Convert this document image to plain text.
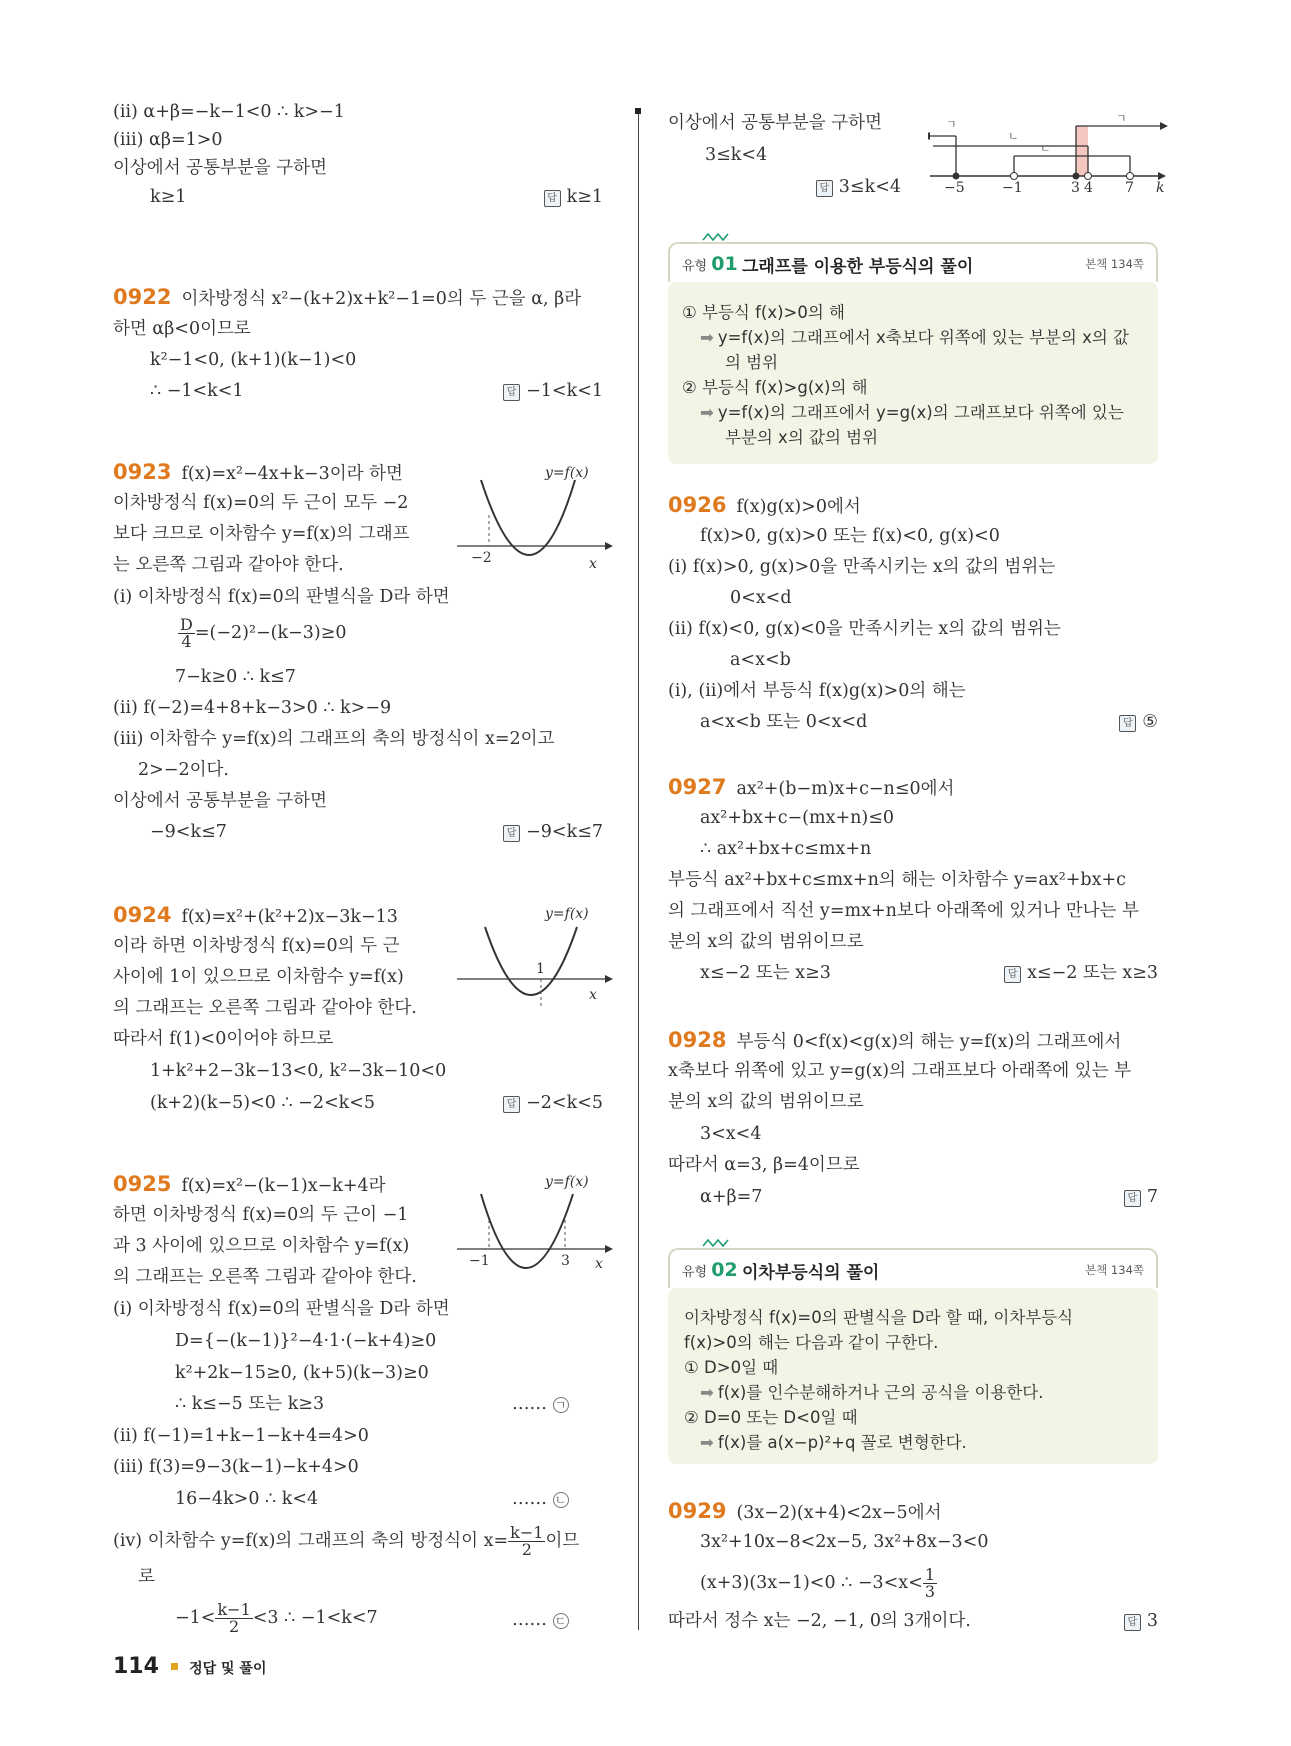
(ⅱ) α+β=−k−1<0 ∴ k>−1
(ⅲ) αβ=1>0
이상에서 공통부분을 구하면
k≥1	답 k≥1
0922 이차방정식 x²−(k+2)x+k²−1=0의 두 근을 α, β라
하면 αβ<0이므로
k²−1<0, (k+1)(k−1)<0
∴ −1<k<1	답 −1<k<1
0923 f(x)=x²−4x+k−3이라 하면
이차방정식 f(x)=0의 두 근이 모두 −2
보다 크므로 이차함수 y=f(x)의 그래프
는 오른쪽 그림과 같아야 한다.
y=f(x)
x
−2
(ⅰ) 이차방정식 f(x)=0의 판별식을 D라 하면
$\frac{D}{4} =(-2)^2-(k-3)\ge 0$
7−k≥0 ∴ k≤7
(ⅱ) f(−2)=4+8+k−3>0 ∴ k>−9
(ⅲ) 이차함수 y=f(x)의 그래프의 축의 방정식이 x=2이고
2>−2이다.
이상에서 공통부분을 구하면
−9<k≤7	답 −9<k≤7
0924 f(x)=x²+(k²+2)x−3k−13
이라 하면 이차방정식 f(x)=0의 두 근
사이에 1이 있으므로 이차함수 y=f(x)
의 그래프는 오른쪽 그림과 같아야 한다.
y=f(x)
x
1
따라서 f(1)<0이어야 하므로
1+k²+2−3k−13<0, k²−3k−10<0
(k+2)(k−5)<0 ∴ −2<k<5	답 −2<k<5
0925 f(x)=x²−(k−1)x−k+4라
하면 이차방정식 f(x)=0의 두 근이 −1
과 3 사이에 있으므로 이차함수 y=f(x)
의 그래프는 오른쪽 그림과 같아야 한다.
y=f(x)
x
−1	3
(ⅰ) 이차방정식 f(x)=0의 판별식을 D라 하면
D={−(k−1)}²−4·1·(−k+4)≥0
k²+2k−15≥0, (k+5)(k−3)≥0
∴ k≤−5 또는 k≥3	…… ㄱ
(ⅱ) f(−1)=1+k−1−k+4=4>0
(ⅲ) f(3)=9−3(k−1)−k+4>0
16−4k>0 ∴ k<4	…… ㄴ
(ⅳ) 이차함수 y=f(x)의 그래프의 축의 방정식이 $x= \frac{k-1}{2}$ 이므
로
$-1< \frac{k-1}{2} <3$ ∴ −1<k<7	…… ㄷ
이상에서 공통부분을 구하면
3≤k<4
답 3≤k<4
ㄱ
ㄴ
ㄷ
ㄱ
−5	−1	3 4 7 k
유형 01 그래프를 이용한 부등식의 풀이	본책 134쪽
① 부등식 f(x)>0의 해
➡ y=f(x)의 그래프에서 x축보다 위쪽에 있는 부분의 x의 값
의 범위
② 부등식 f(x)>g(x)의 해
➡ y=f(x)의 그래프에서 y=g(x)의 그래프보다 위쪽에 있는
부분의 x의 값의 범위
0926 f(x)g(x)>0에서
f(x)>0, g(x)>0 또는 f(x)<0, g(x)<0
(ⅰ) f(x)>0, g(x)>0을 만족시키는 x의 값의 범위는
0<x<d
(ⅱ) f(x)<0, g(x)<0을 만족시키는 x의 값의 범위는
a<x<b
(ⅰ), (ⅱ)에서 부등식 f(x)g(x)>0의 해는
a<x<b 또는 0<x<d	답 ⑤
0927 ax²+(b−m)x+c−n≤0에서
ax²+bx+c−(mx+n)≤0
∴ ax²+bx+c≤mx+n
부등식 ax²+bx+c≤mx+n의 해는 이차함수 y=ax²+bx+c
의 그래프에서 직선 y=mx+n보다 아래쪽에 있거나 만나는 부
분의 x의 값의 범위이므로
x≤−2 또는 x≥3	답 x≤−2 또는 x≥3
0928 부등식 0<f(x)<g(x)의 해는 y=f(x)의 그래프에서
x축보다 위쪽에 있고 y=g(x)의 그래프보다 아래쪽에 있는 부
분의 x의 값의 범위이므로
3<x<4
따라서 α=3, β=4이므로
α+β=7	답 7
유형 02 이차부등식의 풀이	본책 134쪽
이차방정식 f(x)=0의 판별식을 D라 할 때, 이차부등식
f(x)>0의 해는 다음과 같이 구한다.
① D>0일 때
➡ f(x)를 인수분해하거나 근의 공식을 이용한다.
② D=0 또는 D<0일 때
➡ f(x)를 a(x−p)²+q 꼴로 변형한다.
0929 (3x−2)(x+4)<2x−5에서
3x²+10x−8<2x−5, 3x²+8x−3<0
(x+3)(3x−1)<0 ∴ $-3<x< \frac{1}{3}$
따라서 정수 x는 −2, −1, 0의 3개이다.	답 3
114 정답 및 풀이
